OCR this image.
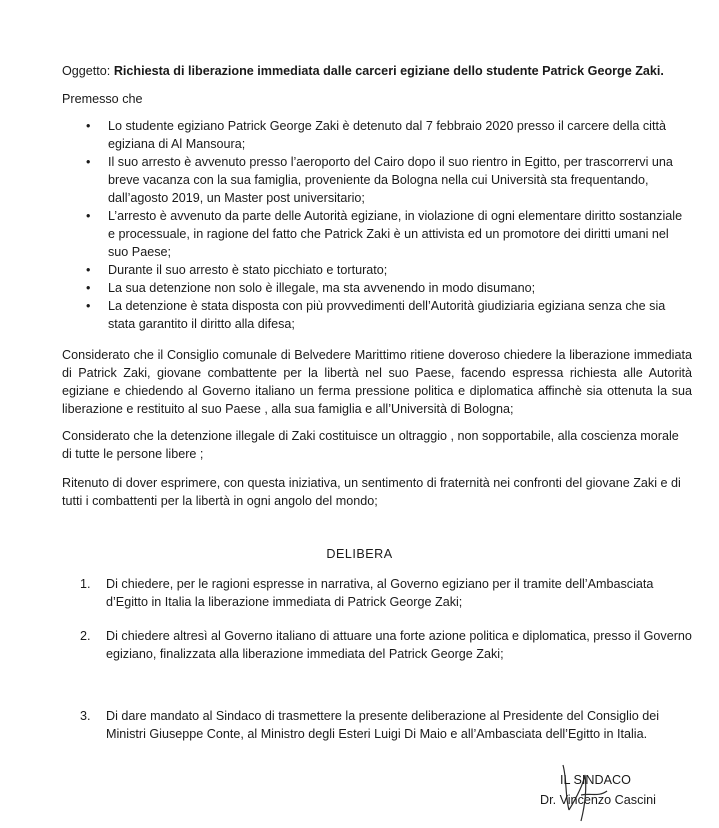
Oggetto: Richiesta di liberazione immediata dalle carceri egiziane dello studente Patrick George Zaki.
Premesso che
• Lo studente egiziano Patrick George Zaki è detenuto dal 7 febbraio 2020 presso il carcere della città egiziana di Al Mansoura;
• Il suo arresto è avvenuto presso l’aeroporto del Cairo dopo il suo rientro in Egitto, per trascorrervi una breve vacanza con la sua famiglia, proveniente da Bologna nella cui Università sta frequentando, dall’agosto 2019, un Master post universitario;
• L’arresto è avvenuto da parte delle Autorità egiziane, in violazione di ogni elementare diritto sostanziale e processuale, in ragione del fatto che Patrick Zaki è un attivista ed un promotore dei diritti umani nel suo Paese;
• Durante il suo arresto è stato picchiato e torturato;
• La sua detenzione non solo è illegale, ma sta avvenendo in modo disumano;
• La detenzione è stata disposta con più provvedimenti dell’Autorità giudiziaria egiziana senza che sia stata garantito il diritto alla difesa;
Considerato che il Consiglio comunale di Belvedere Marittimo ritiene doveroso chiedere la liberazione immediata di Patrick Zaki, giovane combattente per la libertà nel suo Paese, facendo espressa richiesta alle Autorità egiziane e chiedendo al Governo italiano un ferma pressione politica e diplomatica affinchè sia ottenuta la sua liberazione e restituito al suo Paese , alla sua famiglia e all’Università di Bologna;
Considerato che la detenzione illegale di Zaki costituisce un oltraggio , non sopportabile, alla coscienza morale di tutte le persone libere ;
Ritenuto di dover esprimere, con questa iniziativa, un sentimento di fraternità nei confronti del giovane Zaki e di tutti i combattenti per la libertà in ogni angolo del mondo;
DELIBERA
1. Di chiedere, per le ragioni espresse in narrativa, al Governo egiziano per il tramite dell’Ambasciata d’Egitto in Italia la liberazione immediata di Patrick George Zaki;
2. Di chiedere altresì al Governo italiano di attuare una forte azione politica e diplomatica, presso il Governo egiziano, finalizzata alla liberazione immediata del Patrick George Zaki;
3. Di dare mandato al Sindaco di trasmettere la presente deliberazione al Presidente del Consiglio dei Ministri Giuseppe Conte, al Ministro degli Esteri Luigi Di Maio e all’Ambasciata dell’Egitto in Italia.
IL SINDACO
Dr. Vincenzo Cascini
